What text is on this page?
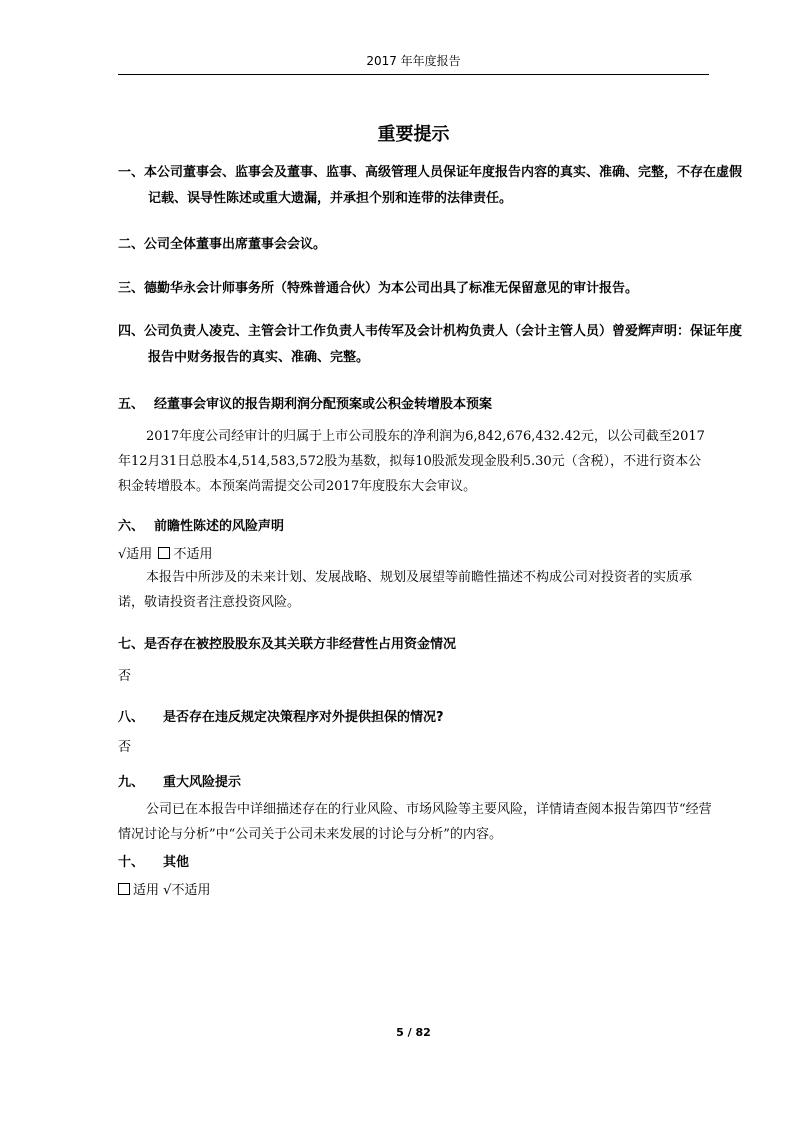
2017 年年度报告
重要提示
一、本公司董事会、监事会及董事、监事、高级管理人员保证年度报告内容的真实、准确、完整，不存在虚假记载、误导性陈述或重大遗漏，并承担个别和连带的法律责任。
二、公司全体董事出席董事会会议。
三、德勤华永会计师事务所（特殊普通合伙）为本公司出具了标准无保留意见的审计报告。
四、公司负责人凌克、主管会计工作负责人韦传军及会计机构负责人（会计主管人员）曾爱辉声明：保证年度报告中财务报告的真实、准确、完整。
五、 经董事会审议的报告期利润分配预案或公积金转增股本预案
2017年度公司经审计的归属于上市公司股东的净利润为6,842,676,432.42元，以公司截至2017年12月31日总股本4,514,583,572股为基数，拟每10股派发现金股利5.30元（含税），不进行资本公积金转增股本。本预案尚需提交公司2017年度股东大会审议。
六、 前瞻性陈述的风险声明
√适用 不适用
本报告中所涉及的未来计划、发展战略、规划及展望等前瞻性描述不构成公司对投资者的实质承诺，敬请投资者注意投资风险。
七、是否存在被控股股东及其关联方非经营性占用资金情况
否
八、 是否存在违反规定决策程序对外提供担保的情况?
否
九、 重大风险提示
公司已在本报告中详细描述存在的行业风险、市场风险等主要风险，详情请查阅本报告第四节“经营情况讨论与分析”中“公司关于公司未来发展的讨论与分析”的内容。
十、 其他
适用 √不适用
5 / 82
